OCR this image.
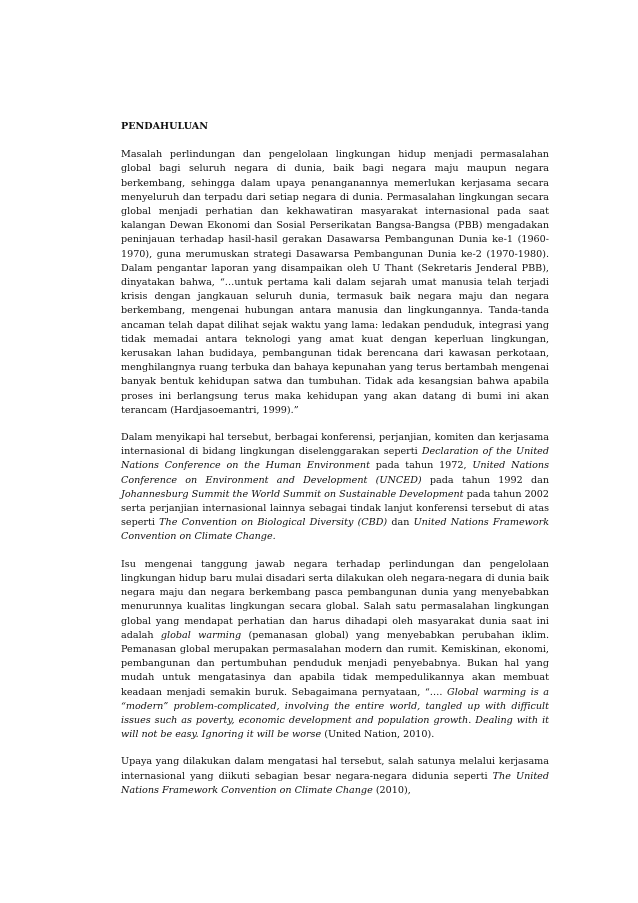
PENDAHULUAN

Masalah perlindungan dan pengelolaan lingkungan hidup menjadi permasalahan global bagi seluruh negara di dunia, baik bagi negara maju maupun negara berkembang, sehingga dalam upaya penanganannya memerlukan kerjasama secara menyeluruh dan terpadu dari setiap negara di dunia. Permasalahan lingkungan secara global menjadi perhatian dan kekhawatiran masyarakat internasional pada saat kalangan Dewan Ekonomi dan Sosial Perserikatan Bangsa-Bangsa (PBB) mengadakan peninjauan terhadap hasil-hasil gerakan Dasawarsa Pembangunan Dunia ke-1 (1960-1970), guna merumuskan strategi Dasawarsa Pembangunan Dunia ke-2 (1970-1980). Dalam pengantar laporan yang disampaikan oleh U Thant (Sekretaris Jenderal PBB), dinyatakan bahwa, “…untuk pertama kali dalam sejarah umat manusia telah terjadi krisis dengan jangkauan seluruh dunia, termasuk baik negara maju dan negara berkembang, mengenai hubungan antara manusia dan lingkungannya. Tanda-tanda ancaman telah dapat dilihat sejak waktu yang lama: ledakan penduduk, integrasi yang tidak memadai antara teknologi yang amat kuat dengan keperluan lingkungan, kerusakan lahan budidaya, pembangunan tidak berencana dari kawasan perkotaan, menghilangnya ruang terbuka dan bahaya kepunahan yang terus bertambah mengenai banyak bentuk kehidupan satwa dan tumbuhan. Tidak ada kesangsian bahwa apabila proses ini berlangsung terus maka kehidupan yang akan datang di bumi ini akan terancam (Hardjasoemantri, 1999).”

Dalam menyikapi hal tersebut, berbagai konferensi, perjanjian, komiten dan kerjasama internasional di bidang lingkungan diselenggarakan seperti Declaration of the United Nations Conference on the Human Environment pada tahun 1972, United Nations Conference on Environment and Development (UNCED) pada tahun 1992 dan Johannesburg Summit the World Summit on Sustainable Development pada tahun 2002 serta perjanjian internasional lainnya sebagai tindak lanjut konferensi tersebut di atas seperti The Convention on Biological Diversity (CBD) dan United Nations Framework Convention on Climate Change.

Isu mengenai tanggung jawab negara terhadap perlindungan dan pengelolaan lingkungan hidup baru mulai disadari serta dilakukan oleh negara-negara di dunia baik negara maju dan negara berkembang pasca pembangunan dunia yang menyebabkan menurunnya kualitas lingkungan secara global. Salah satu permasalahan lingkungan global yang mendapat perhatian dan harus dihadapi oleh masyarakat dunia saat ini adalah global warming (pemanasan global) yang menyebabkan perubahan iklim. Pemanasan global merupakan permasalahan modern dan rumit. Kemiskinan, ekonomi, pembangunan dan pertumbuhan penduduk menjadi penyebabnya. Bukan hal yang mudah untuk mengatasinya dan apabila tidak mempedulikannya akan membuat keadaan menjadi semakin buruk. Sebagaimana pernyataan, “…. Global warming is a “modern” problem-complicated, involving the entire world, tangled up with difficult issues such as poverty, economic development and population growth. Dealing with it will not be easy. Ignoring it will be worse (United Nation, 2010).

Upaya yang dilakukan dalam mengatasi hal tersebut, salah satunya melalui kerjasama internasional yang diikuti sebagian besar negara-negara didunia seperti The United Nations Framework Convention on Climate Change (2010),
